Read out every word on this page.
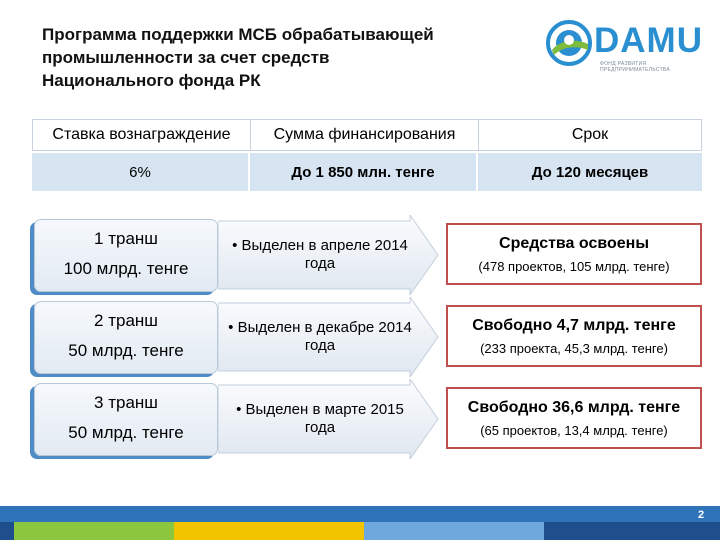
Программа поддержки МСБ обрабатывающей
промышленности за счет средств
Национального фонда РК
DAMU
ФОНД РАЗВИТИЯ ПРЕДПРИНИМАТЕЛЬСТВА
Ставка вознаграждение	Сумма финансирования	Срок
6%	До 1 850 млн. тенге	До 120 месяцев
1 транш
100 млрд. тенге
• Выделен в апреле 2014 года
Средства освоены
(478 проектов, 105 млрд. тенге)
2 транш
50 млрд. тенге
• Выделен в декабре 2014 года
Свободно 4,7 млрд. тенге
(233 проекта, 45,3 млрд. тенге)
3 транш
50 млрд. тенге
• Выделен в марте 2015 года
Свободно 36,6 млрд. тенге
(65 проектов, 13,4 млрд. тенге)
2
